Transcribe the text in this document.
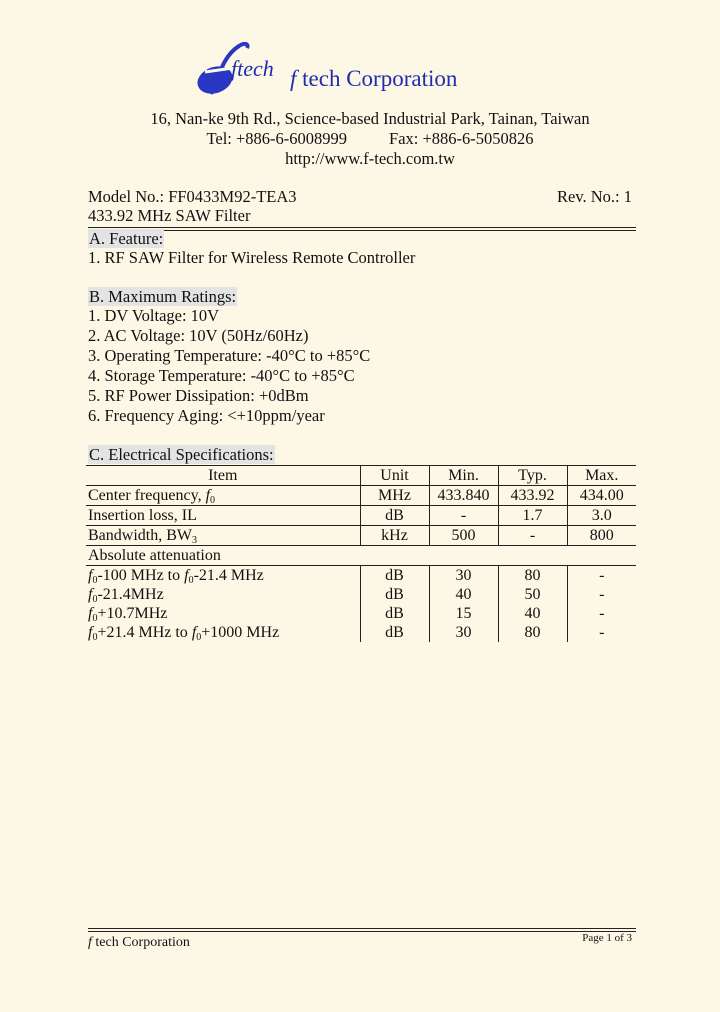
ftech f tech Corporation
16, Nan-ke 9th Rd., Science-based Industrial Park, Tainan, Taiwan
Tel: +886-6-6008999	Fax: +886-6-5050826
http://www.f-tech.com.tw
Model No.: FF0433M92-TEA3	Rev. No.: 1
433.92 MHz SAW Filter
A. Feature:
1. RF SAW Filter for Wireless Remote Controller
B. Maximum Ratings:
1. DV Voltage: 10V
2. AC Voltage: 10V (50Hz/60Hz)
3. Operating Temperature: -40°C to +85°C
4. Storage Temperature: -40°C to +85°C
5. RF Power Dissipation: +0dBm
6. Frequency Aging: <+10ppm/year
C. Electrical Specifications:
Item	Unit	Min.	Typ.	Max.
Center frequency, $f_0$	MHz	433.840	433.92	434.00
Insertion loss, IL	dB	-	1.7	3.0
Bandwidth, $BW_3$	kHz	500	-	800
Absolute attenuation				
$f_0-100$ MHz to $f_0-21.4$ MHz	dB	30	80	-
$f_0-21.4MHz$	dB	40	50	-
$f_0+10.7MHz$	dB	15	40	-
$f_0+21.4$ MHz to $f_0+1000$ MHz	dB	30	80	-
f tech Corporation	Page 1 of 3
